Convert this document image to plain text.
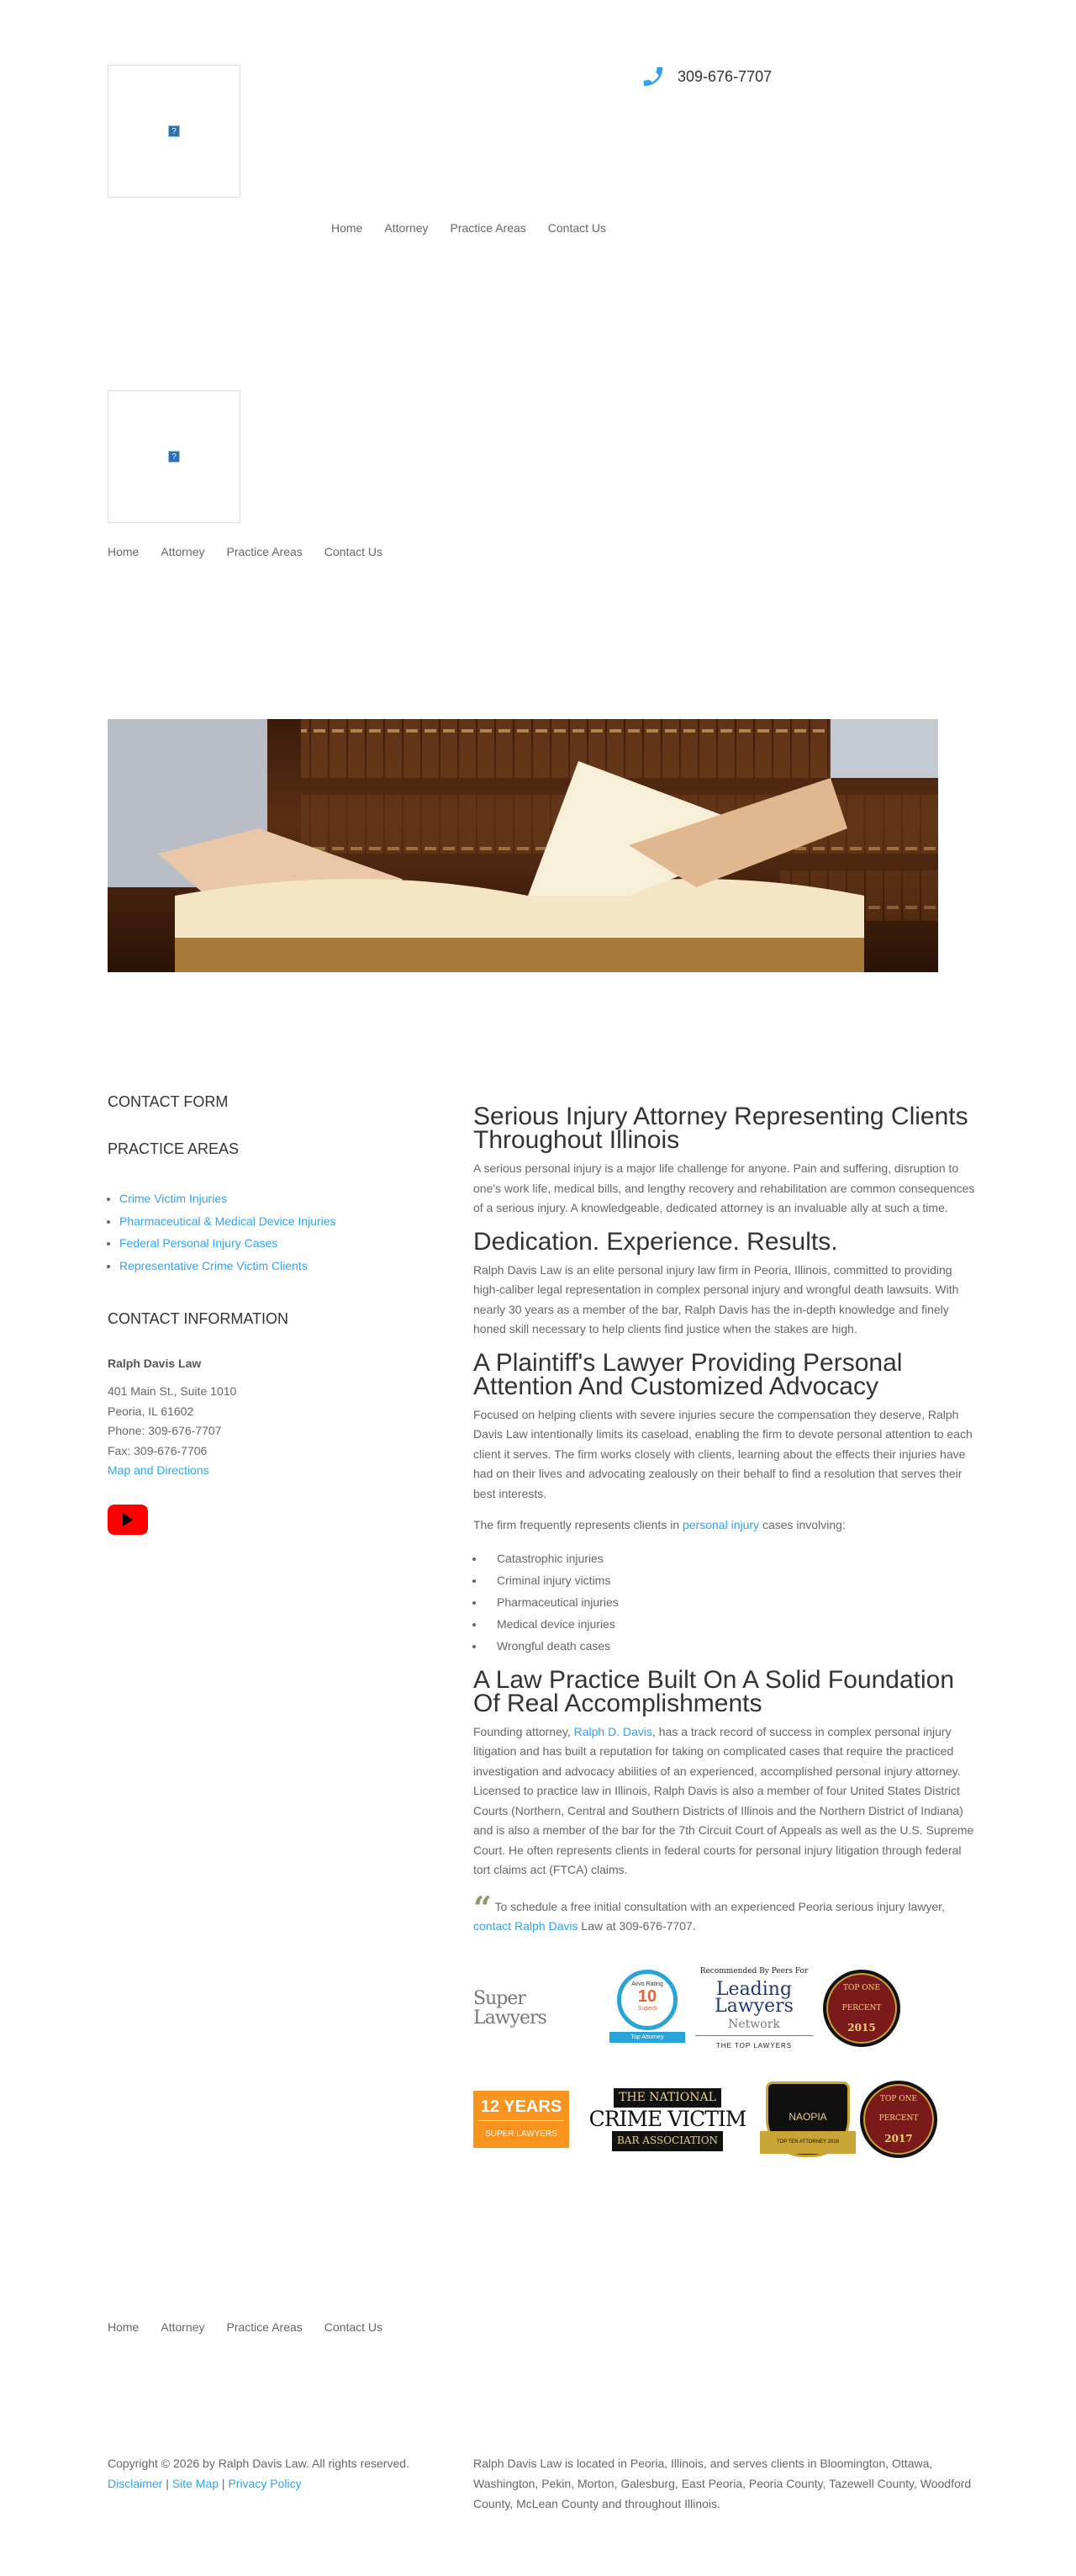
?
309-676-7707
Home Attorney Practice Areas Contact Us
?
Home Attorney Practice Areas Contact Us
CONTACT FORM
PRACTICE AREAS
• Crime Victim Injuries
• Pharmaceutical & Medical Device Injuries
• Federal Personal Injury Cases
• Representative Crime Victim Clients
CONTACT INFORMATION
Ralph Davis Law
401 Main St., Suite 1010
Peoria, IL 61602
Phone: 309-676-7707
Fax: 309-676-7706
Map and Directions
Serious Injury Attorney Representing Clients Throughout Illinois

A serious personal injury is a major life challenge for anyone. Pain and suffering, disruption to one's work life, medical bills, and lengthy recovery and rehabilitation are common consequences of a serious injury. A knowledgeable, dedicated attorney is an invaluable ally at such a time.

Dedication. Experience. Results.

Ralph Davis Law is an elite personal injury law firm in Peoria, Illinois, committed to providing high-caliber legal representation in complex personal injury and wrongful death lawsuits. With nearly 30 years as a member of the bar, Ralph Davis has the in-depth knowledge and finely honed skill necessary to help clients find justice when the stakes are high.

A Plaintiff's Lawyer Providing Personal Attention And Customized Advocacy

Focused on helping clients with severe injuries secure the compensation they deserve, Ralph Davis Law intentionally limits its caseload, enabling the firm to devote personal attention to each client it serves. The firm works closely with clients, learning about the effects their injuries have had on their lives and advocating zealously on their behalf to find a resolution that serves their best interests.

The firm frequently represents clients in personal injury cases involving:

• Catastrophic injuries
• Criminal injury victims
• Pharmaceutical injuries
• Medical device injuries
• Wrongful death cases
A Law Practice Built On A Solid Foundation Of Real Accomplishments

Founding attorney, Ralph D. Davis, has a track record of success in complex personal injury litigation and has built a reputation for taking on complicated cases that require the practiced investigation and advocacy abilities of an experienced, accomplished personal injury attorney. Licensed to practice law in Illinois, Ralph Davis is also a member of four United States District Courts (Northern, Central and Southern Districts of Illinois and the Northern District of Indiana) and is also a member of the bar for the 7th Circuit Court of Appeals as well as the U.S. Supreme Court. He often represents clients in federal courts for personal injury litigation through federal tort claims act (FTCA) claims.

“ To schedule a free initial consultation with an experienced Peoria serious injury lawyer, contact Ralph Davis Law at 309-676-7707.

Super Lawyers
Avvo Rating
10
Superb
Top Attorney
Recommended By Peers For
Leading
Lawyers
Network
THE TOP LAWYERS
TOP ONE PERCENT
2015
12 YEARS
SUPER LAWYERS
THE NATIONAL
CRIME VICTIM
BAR ASSOCIATION
NAOPIA
TOP TEN ATTORNEY 2018
TOP ONE PERCENT
2017
Home Attorney Practice Areas Contact Us
Copyright © 2026 by Ralph Davis Law. All rights reserved.
Disclaimer | Site Map | Privacy Policy
Ralph Davis Law is located in Peoria, Illinois, and serves clients in Bloomington, Ottawa, Washington, Pekin, Morton, Galesburg, East Peoria, Peoria County, Tazewell County, Woodford County, McLean County and throughout Illinois.
